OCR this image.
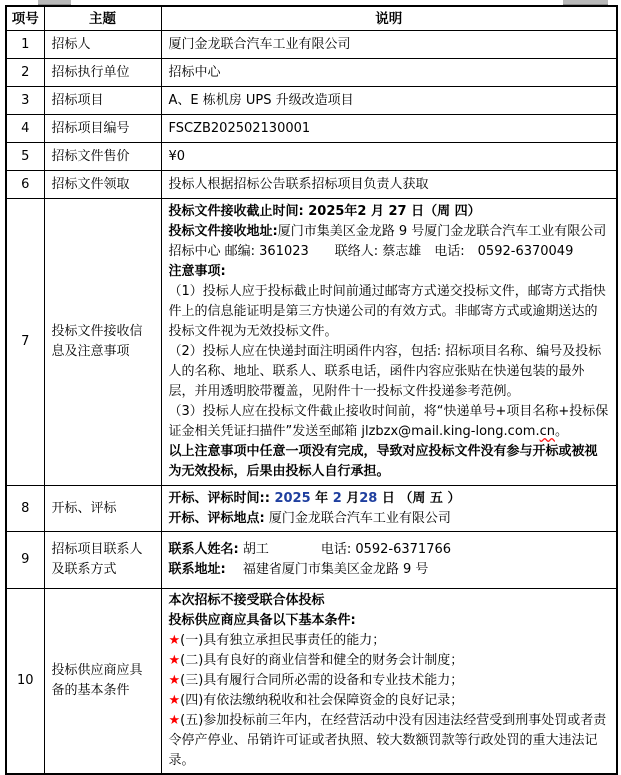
项号	主题	说明
1	招标人	厦门金龙联合汽车工业有限公司

2	招标执行单位	招标中心

3	招标项目	A、E 栋机房 UPS 升级改造项目

4	招标项目编号	FSCZB202502130001

5	招标文件售价	¥0

6	招标文件领取	投标人根据招标公告联系招标项目负责人获取

7	投标文件接收信息及注意事项	
投标文件接收截止时间: 2025年2 月 27 日（周 四）
投标文件接收地址:厦门市集美区金龙路 9 号厦门金龙联合汽车工业有限公司招标中心 邮编: 361023　　联络人: 蔡志雄　电话:　0592-6370049
注意事项:
（1）投标人应于投标截止时间前通过邮寄方式递交投标文件，邮寄方式指快件上的信息能证明是第三方快递公司的有效方式。非邮寄方式或逾期送达的投标文件视为无效投标文件。
（2）投标人应在快递封面注明函件内容，包括: 招标项目名称、编号及投标人的名称、地址、联系人、联系电话，函件内容应张贴在快递包装的最外层，并用透明胶带覆盖，见附件十一投标文件投递参考范例。
（3）投标人应在投标文件截止接收时间前，将“快递单号+项目名称+投标保证金相关凭证扫描件”发送至邮箱 jlzbzx@mail.king-long.com.cn。
以上注意事项中任意一项没有完成，导致对应投标文件没有参与开标或被视为无效投标，后果由投标人自行承担。

8	开标、评标	开标、评标时间:: 2025 年 2 月28 日 （周 五 ）
开标、评标地点: 厦门金龙联合汽车工业有限公司

9	招标项目联系人及联系方式	联系人姓名: 胡工　　　　电话: 0592-6371766
联系地址:　 福建省厦门市集美区金龙路 9 号

10	投标供应商应具备的基本条件	
本次招标不接受联合体投标
投标供应商应具备以下基本条件:
★(一)具有独立承担民事责任的能力；
★(二)具有良好的商业信誉和健全的财务会计制度；
★(三)具有履行合同所必需的设备和专业技术能力；
★(四)有依法缴纳税收和社会保障资金的良好记录；
★(五)参加投标前三年内，在经营活动中没有因违法经营受到刑事处罚或者责令停产停业、吊销许可证或者执照、较大数额罚款等行政处罚的重大违法记录。
